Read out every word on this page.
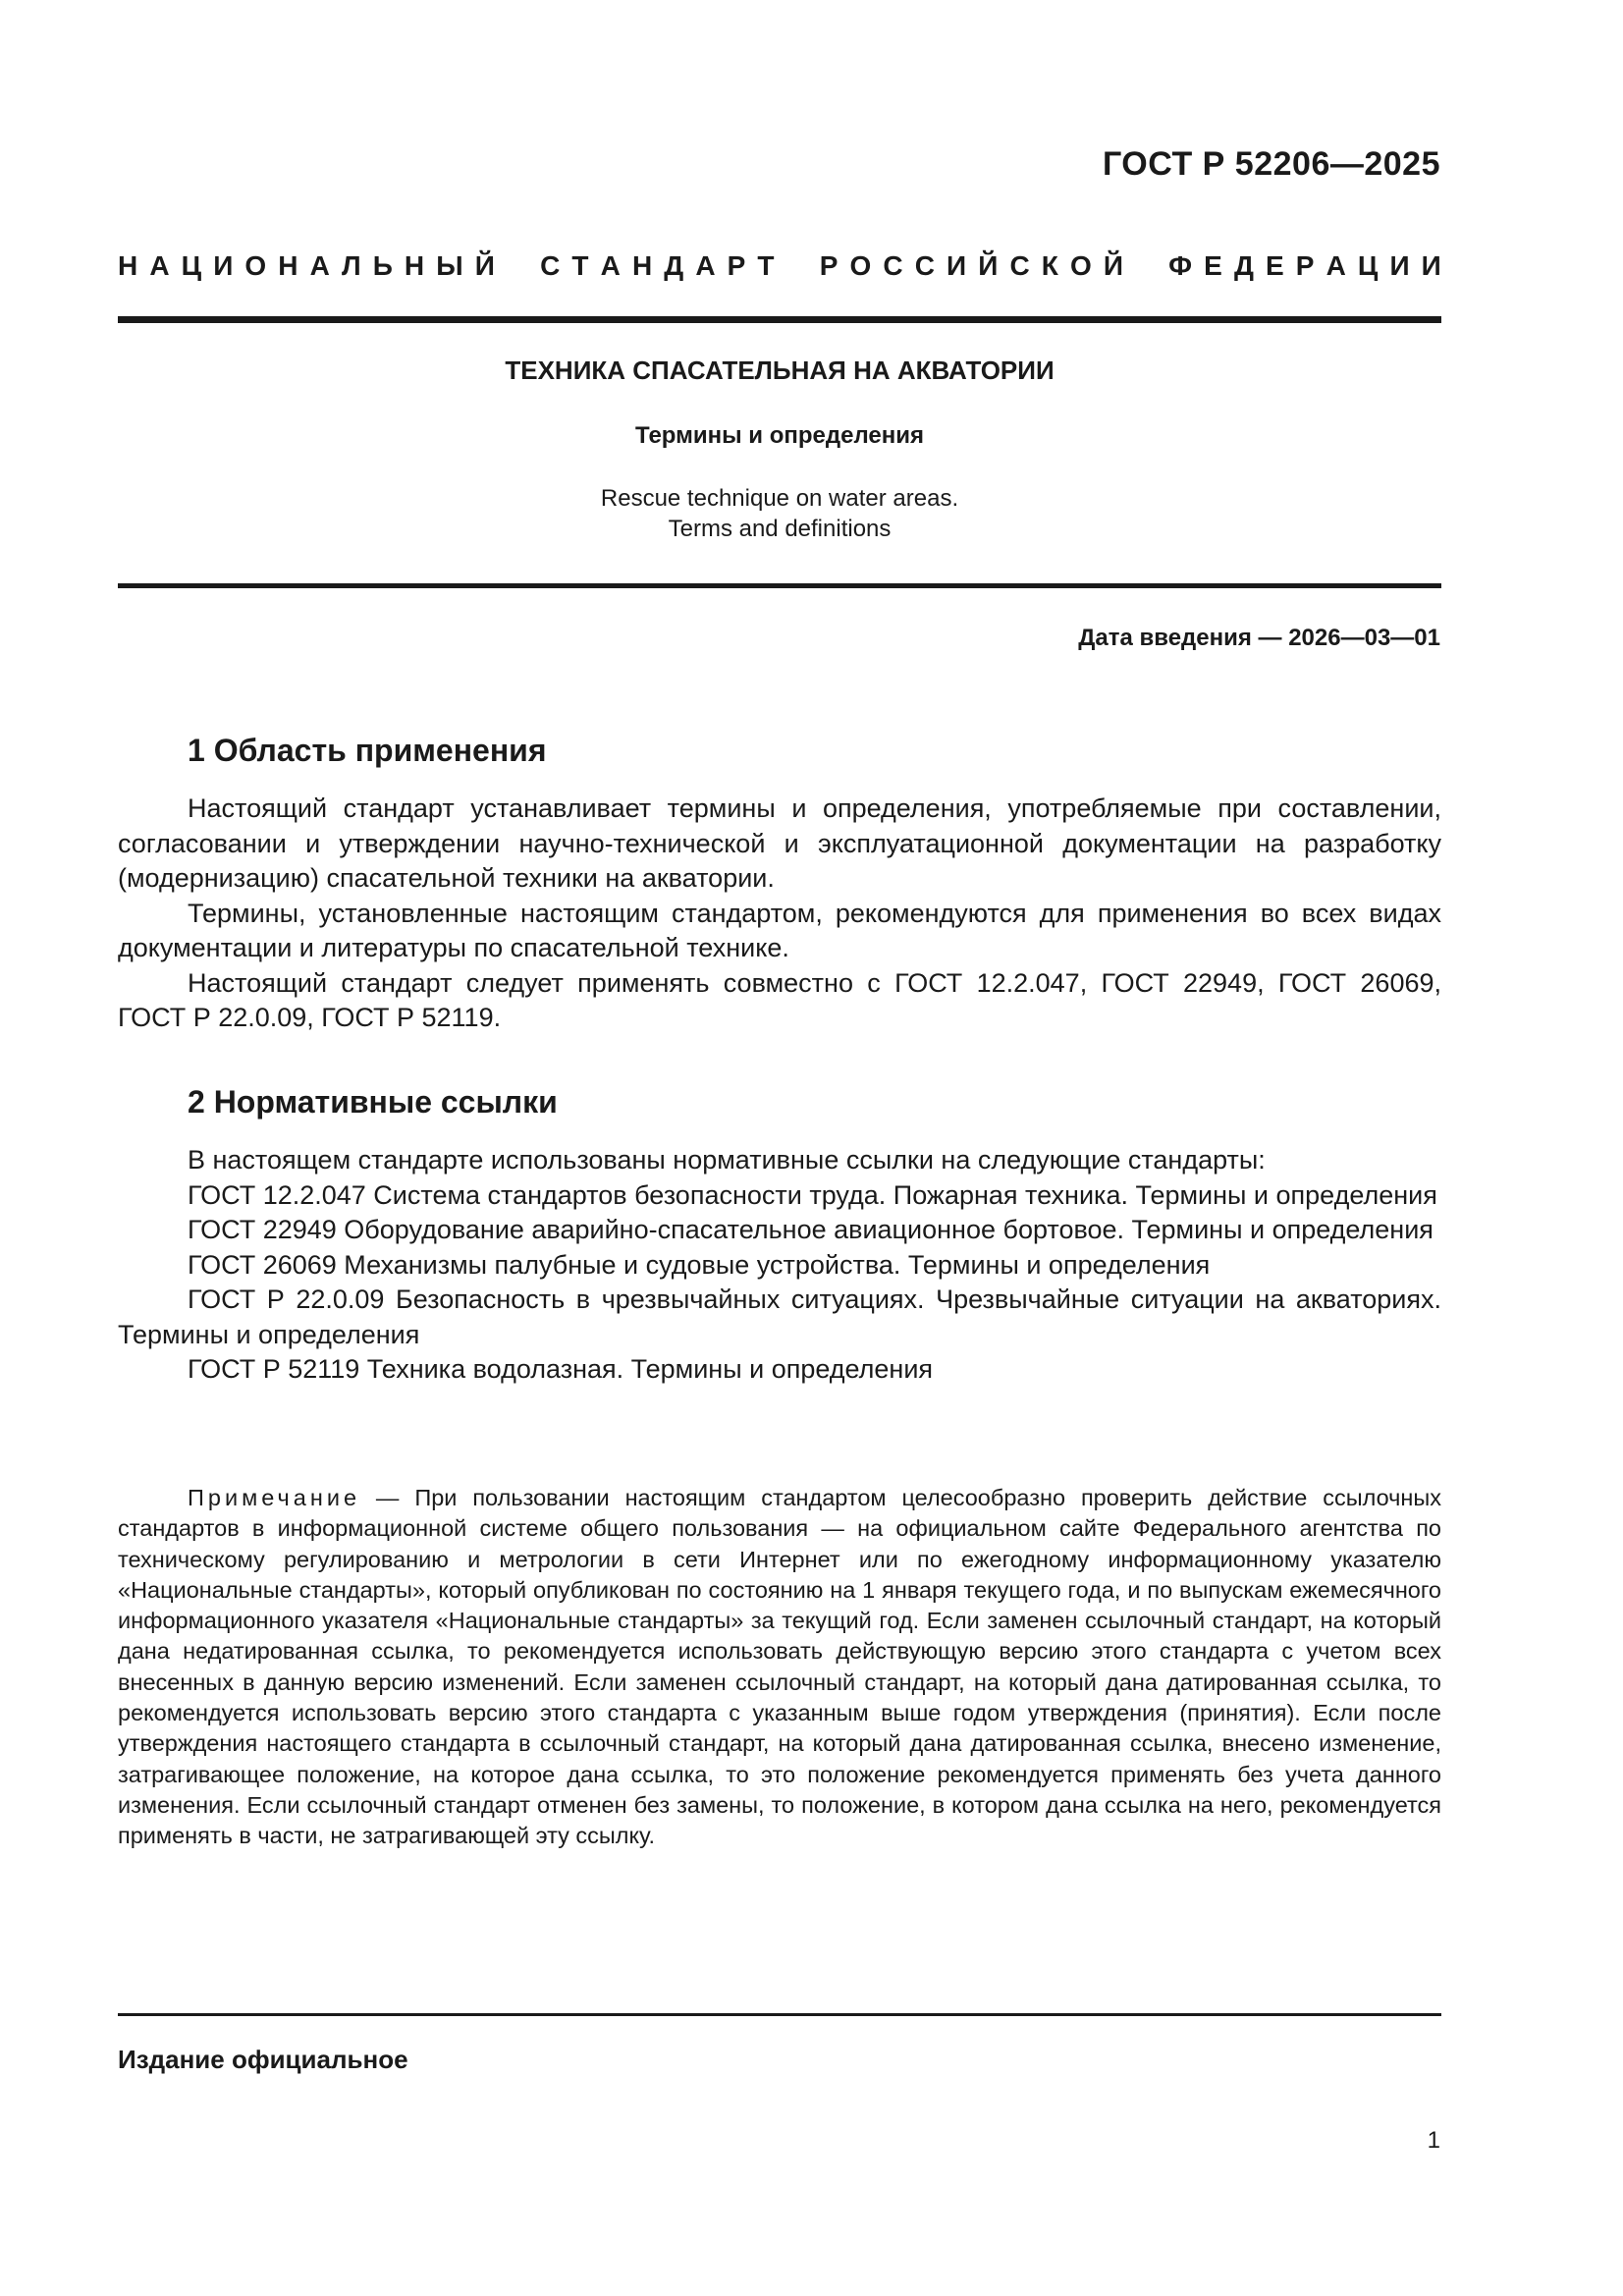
ГОСТ Р 52206—2025
Н А Ц И О Н А Л Ь Н Ы Й С Т А Н Д А Р Т Р О С С И Й С К О Й Ф Е Д Е Р А Ц И И
ТЕХНИКА СПАСАТЕЛЬНАЯ НА АКВАТОРИИ
Термины и определения
Rescue technique on water areas.
Terms and definitions
Дата введения — 2026—03—01
1 Область применения

Настоящий стандарт устанавливает термины и определения, употребляемые при составлении, согласовании и утверждении научно-технической и эксплуатационной документации на разработку (модернизацию) спасательной техники на акватории.

Термины, установленные настоящим стандартом, рекомендуются для применения во всех видах документации и литературы по спасательной технике.

Настоящий стандарт следует применять совместно с ГОСТ 12.2.047, ГОСТ 22949, ГОСТ 26069, ГОСТ Р 22.0.09, ГОСТ Р 52119.

2 Нормативные ссылки

В настоящем стандарте использованы нормативные ссылки на следующие стандарты:

ГОСТ 12.2.047 Система стандартов безопасности труда. Пожарная техника. Термины и определения

ГОСТ 22949 Оборудование аварийно-спасательное авиационное бортовое. Термины и определения

ГОСТ 26069 Механизмы палубные и судовые устройства. Термины и определения

ГОСТ Р 22.0.09 Безопасность в чрезвычайных ситуациях. Чрезвычайные ситуации на акваториях. Термины и определения

ГОСТ Р 52119 Техника водолазная. Термины и определения

Примечание — При пользовании настоящим стандартом целесообразно проверить действие ссылочных стандартов в информационной системе общего пользования — на официальном сайте Федерального агентства по техническому регулированию и метрологии в сети Интернет или по ежегодному информационному указателю «Национальные стандарты», который опубликован по состоянию на 1 января текущего года, и по выпускам ежемесячного информационного указателя «Национальные стандарты» за текущий год. Если заменен ссылочный стандарт, на который дана недатированная ссылка, то рекомендуется использовать действующую версию этого стандарта с учетом всех внесенных в данную версию изменений. Если заменен ссылочный стандарт, на который дана датированная ссылка, то рекомендуется использовать версию этого стандарта с указанным выше годом утверждения (принятия). Если после утверждения настоящего стандарта в ссылочный стандарт, на который дана датированная ссылка, внесено изменение, затрагивающее положение, на которое дана ссылка, то это положение рекомендуется применять без учета данного изменения. Если ссылочный стандарт отменен без замены, то положение, в котором дана ссылка на него, рекомендуется применять в части, не затрагивающей эту ссылку.

Издание официальное
1
